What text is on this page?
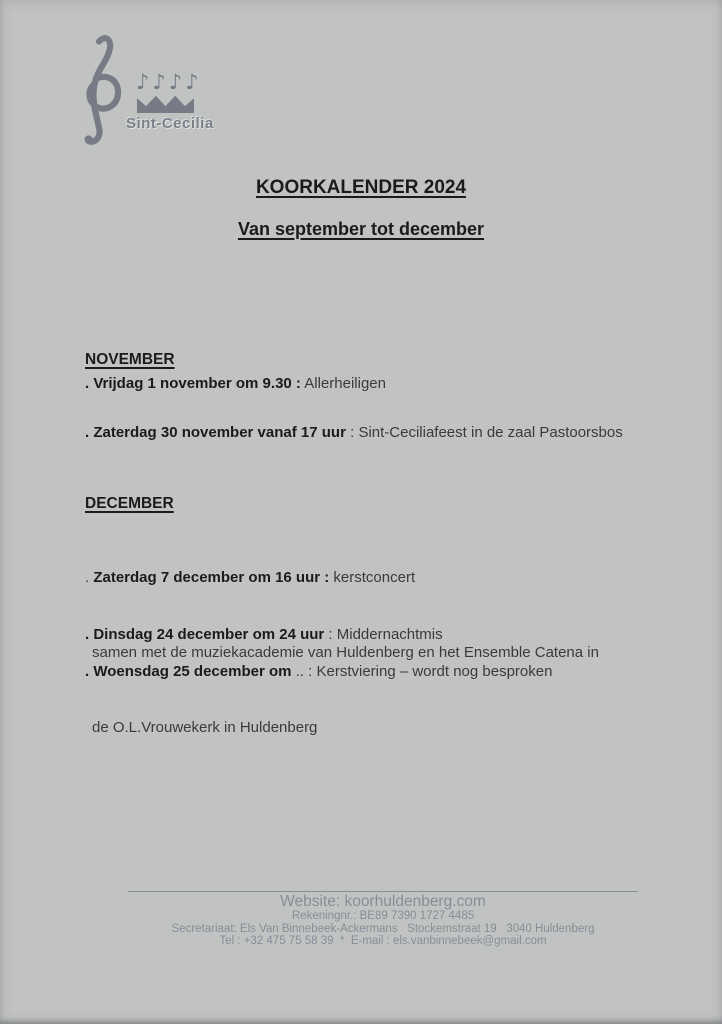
♪♪♪♪
Sint-Cecilia
KOORKALENDER 2024
Van september tot december
NOVEMBER
. Vrijdag 1 november om 9.30 : Allerheiligen
. Zaterdag 30 november vanaf 17 uur : Sint-Ceciliafeest in de zaal Pastoorsbos
DECEMBER

. Zaterdag 7 december om 16 uur : kerstconcert

samen met de muziekacademie van Huldenberg en het Ensemble Catena in

de O.L.Vrouwekerk in Huldenberg

. Dinsdag 24 december om 24 uur : Middernachtmis
. Woensdag 25 december om .. : Kerstviering – wordt nog besproken
Website: koorhuldenberg.com
Rekeningnr.: BE89 7390 1727 4485
Secretariaat: Els Van Binnebeek-Ackermans   Stockemstraat 19   3040 Huldenberg
Tel : +32 475 75 58 39  *  E-mail : els.vanbinnebeek@gmail.com
